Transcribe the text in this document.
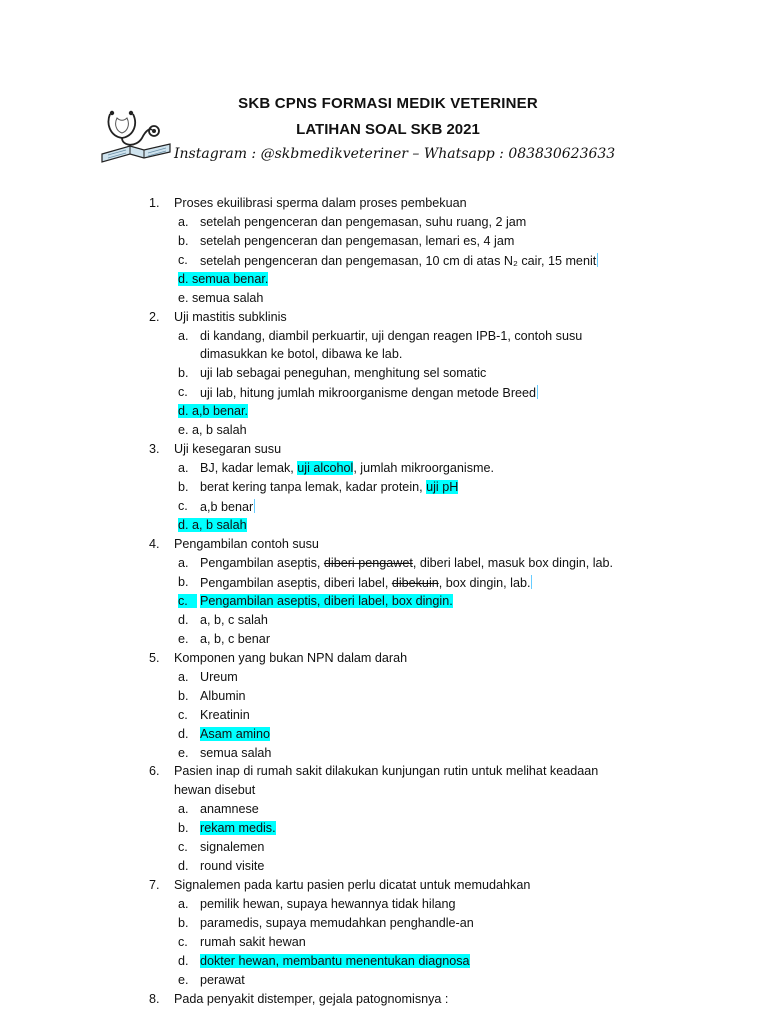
SKB CPNS FORMASI MEDIK VETERINER
LATIHAN SOAL SKB 2021
Instagram : @skbmedikveteriner – Whatsapp : 083830623633
1. Proses ekuilibrasi sperma dalam proses pembekuan
a. setelah pengenceran dan pengemasan, suhu ruang, 2 jam
b. setelah pengenceran dan pengemasan, lemari es, 4 jam
c. setelah pengenceran dan pengemasan, 10 cm di atas N₂ cair, 15 menit
d. semua benar.
e. semua salah
2. Uji mastitis subklinis
a. di kandang, diambil perkuartir, uji dengan reagen IPB-1, contoh susu
dimasukkan ke botol, dibawa ke lab.
b. uji lab sebagai peneguhan, menghitung sel somatic
c. uji lab, hitung jumlah mikroorganisme dengan metode Breed
d. a,b benar.
e. a, b salah
3. Uji kesegaran susu
a. BJ, kadar lemak, uji alcohol, jumlah mikroorganisme.
b. berat kering tanpa lemak, kadar protein, uji pH
c. a,b benar
d. a, b salah
4. Pengambilan contoh susu
a. Pengambilan aseptis, diberi pengawet, diberi label, masuk box dingin, lab.
b. Pengambilan aseptis, diberi label, dibekuin, box dingin, lab.
c. Pengambilan aseptis, diberi label, box dingin.
d. a, b, c salah
e. a, b, c benar
5. Komponen yang bukan NPN dalam darah
a. Ureum
b. Albumin
c. Kreatinin
d. Asam amino
e. semua salah
6. Pasien inap di rumah sakit dilakukan kunjungan rutin untuk melihat keadaan
hewan disebut
a. anamnese
b. rekam medis.
c. signalemen
d. round visite
7. Signalemen pada kartu pasien perlu dicatat untuk memudahkan
a. pemilik hewan, supaya hewannya tidak hilang
b. paramedis, supaya memudahkan penghandle-an
c. rumah sakit hewan
d. dokter hewan, membantu menentukan diagnosa
e. perawat
8. Pada penyakit distemper, gejala patognomisnya :
